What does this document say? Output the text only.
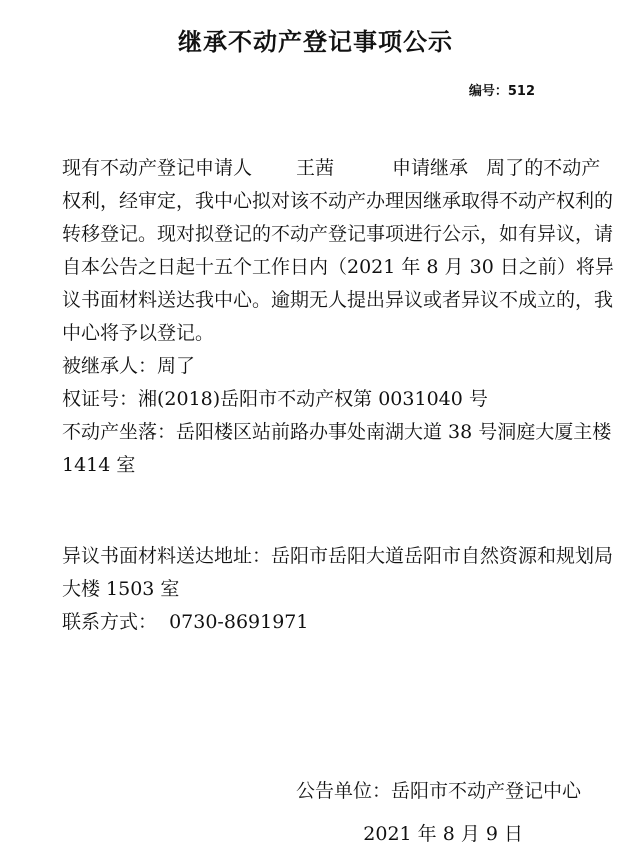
继承不动产登记事项公示
编号：512

现有不动产登记申请人 王茜	申请继承 周了的不动产权利，经审定，我中心拟对该不动产办理因继承取得不动产权利的转移登记。现对拟登记的不动产登记事项进行公示，如有异议，请自本公告之日起十五个工作日内（2021 年 8 月 30 日之前）将异议书面材料送达我中心。逾期无人提出异议或者异议不成立的，我中心将予以登记。

被继承人：周了

权证号：湘(2018)岳阳市不动产权第 0031040 号

不动产坐落：岳阳楼区站前路办事处南湖大道 38 号洞庭大厦主楼 1414 室

异议书面材料送达地址：岳阳市岳阳大道岳阳市自然资源和规划局大楼 1503 室

联系方式：  0730-8691971

公告单位：岳阳市不动产登记中心
2021 年 8 月 9 日
